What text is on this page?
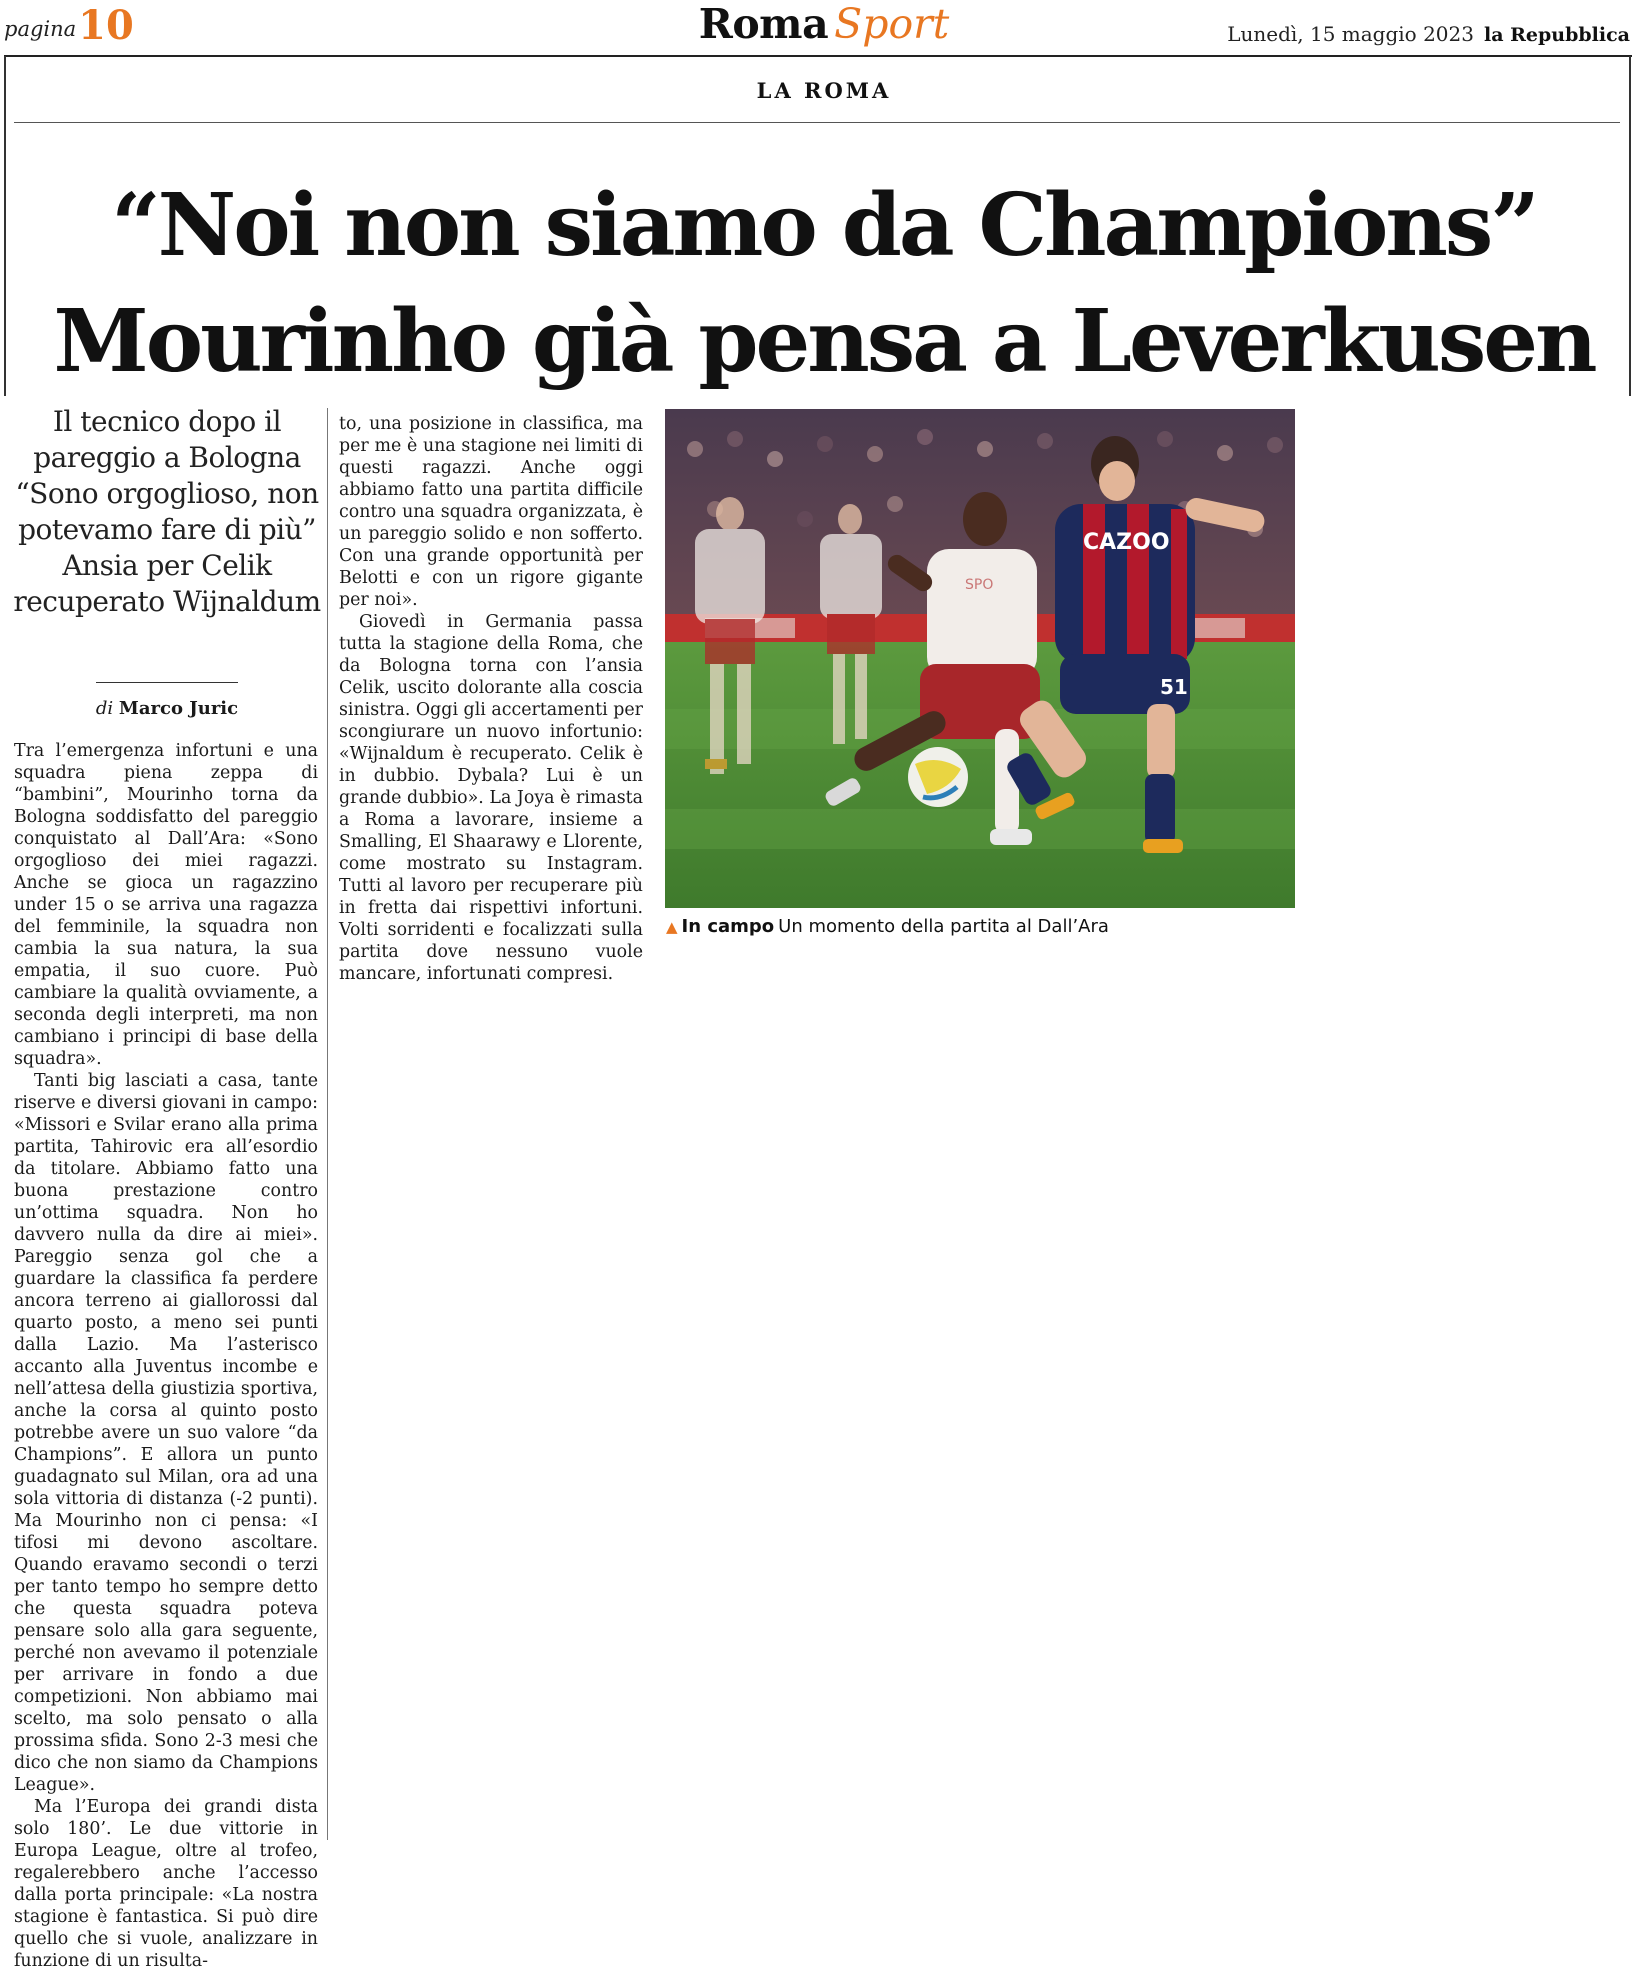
pagina10	Roma Sport	Lunedì, 15 maggio 2023 la Repubblica
LA ROMA
“Noi non siamo da Champions”
Mourinho già pensa a Leverkusen
Il tecnico dopo il pareggio a Bologna “Sono orgoglioso, non potevamo fare di più” Ansia per Celik recuperato Wijnaldum
di Marco Juric

Tra l’emergenza infortuni e una squadra piena zeppa di “bambini”, Mourinho torna da Bologna soddisfatto del pareggio conquistato al Dall’Ara: «Sono orgoglioso dei miei ragazzi. Anche se gioca un ragazzino under 15 o se arriva una ragazza del femminile, la squadra non cambia la sua natura, la sua empatia, il suo cuore. Può cambiare la qualità ovviamente, a seconda degli interpreti, ma non cambiano i principi di base della squadra».

Tanti big lasciati a casa, tante riserve e diversi giovani in campo: «Missori e Svilar erano alla prima partita, Tahirovic era all’esordio da titolare. Abbiamo fatto una buona prestazione contro un’ottima squadra. Non ho davvero nulla da dire ai miei». Pareggio senza gol che a guardare la classifica fa perdere ancora terreno ai giallorossi dal quarto posto, a meno sei punti dalla Lazio. Ma l’asterisco accanto alla Juventus incombe e nell’attesa della giustizia sportiva, anche la corsa al quinto posto potrebbe avere un suo valore “da Champions”. E allora un punto guadagnato sul Milan, ora ad una sola vittoria di distanza (-2 punti). Ma Mourinho non ci pensa: «I tifosi mi devono ascoltare. Quando eravamo secondi o terzi per tanto tempo ho sempre detto che questa squadra poteva pensare solo alla gara seguente, perché non avevamo il potenziale per arrivare in fondo a due competizioni. Non abbiamo mai scelto, ma solo pensato o alla prossima sfida. Sono 2-3 mesi che dico che non siamo da Champions League».

Ma l’Europa dei grandi dista solo 180’. Le due vittorie in Europa League, oltre al trofeo, regalerebbero anche l’accesso dalla porta principale: «La nostra stagione è fantastica. Si può dire quello che si vuole, analizzare in funzione di un risulta-

to, una posizione in classifica, ma per me è una stagione nei limiti di questi ragazzi. Anche oggi abbiamo fatto una partita difficile contro una squadra organizzata, è un pareggio solido e non sofferto. Con una grande opportunità per Belotti e con un rigore gigante per noi».

Giovedì in Germania passa tutta la stagione della Roma, che da Bologna torna con l’ansia Celik, uscito dolorante alla coscia sinistra. Oggi gli accertamenti per scongiurare un nuovo infortunio: «Wijnaldum è recuperato. Celik è in dubbio. Dybala? Lui è un grande dubbio». La Joya è rimasta a Roma a lavorare, insieme a Smalling, El Shaarawy e Llorente, come mostrato su Instagram. Tutti al lavoro per recuperare più in fretta dai rispettivi infortuni. Volti sorridenti e focalizzati sulla partita dove nessuno vuole mancare, infortunati compresi.

SPO
CAZOO
51
▲ In campo Un momento della partita al Dall’Ara
